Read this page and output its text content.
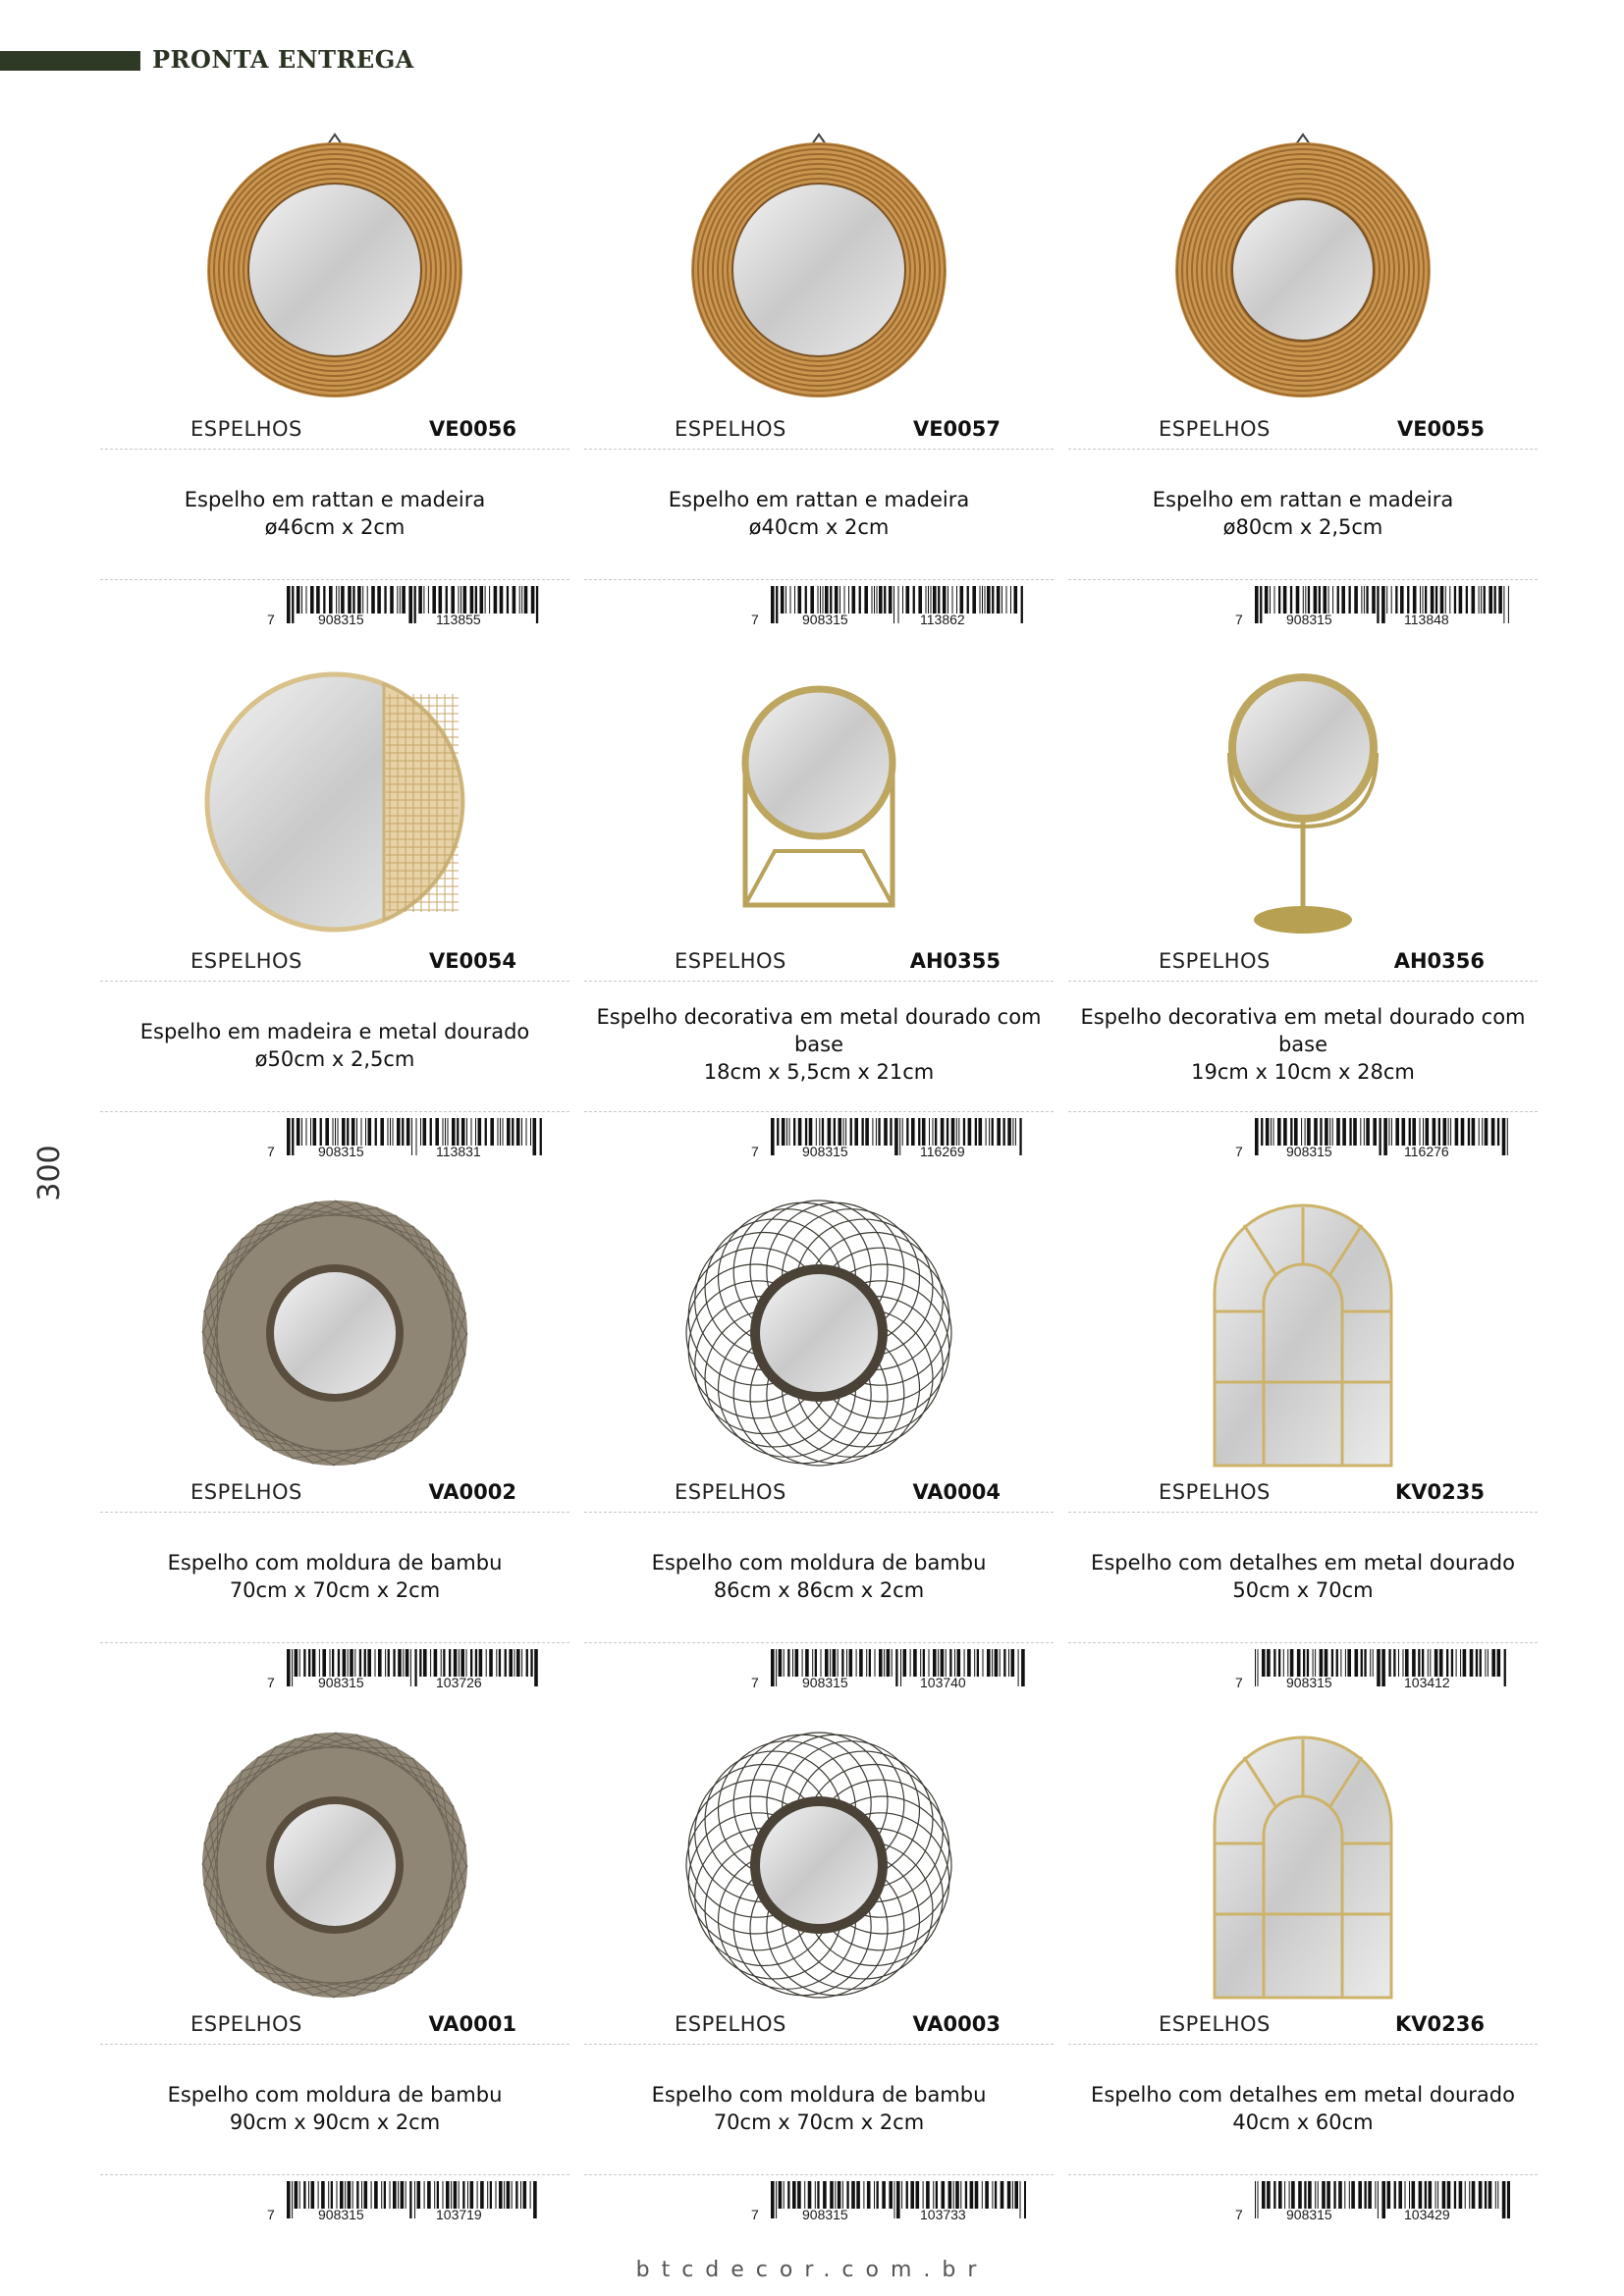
PRONTA ENTREGA
300
ESPELHOS	VE0056
Espelho em rattan e madeira
ø46cm x 2cm
7	908315	113855
ESPELHOS	VE0057
Espelho em rattan e madeira
ø40cm x 2cm
7	908315	113862
ESPELHOS	VE0055
Espelho em rattan e madeira
ø80cm x 2,5cm
7	908315	113848
ESPELHOS	VE0054
Espelho em madeira e metal dourado
ø50cm x 2,5cm
7	908315	113831
ESPELHOS	AH0355
Espelho decorativa em metal dourado com
base
18cm x 5,5cm x 21cm
7	908315	116269
ESPELHOS	AH0356
Espelho decorativa em metal dourado com
base
19cm x 10cm x 28cm
7	908315	116276
ESPELHOS	VA0002
Espelho com moldura de bambu
70cm x 70cm x 2cm
7	908315	103726
ESPELHOS	VA0004
Espelho com moldura de bambu
86cm x 86cm x 2cm
7	908315	103740
ESPELHOS	KV0235
Espelho com detalhes em metal dourado
50cm x 70cm
7	908315	103412
ESPELHOS	VA0001
Espelho com moldura de bambu
90cm x 90cm x 2cm
7	908315	103719
ESPELHOS	VA0003
Espelho com moldura de bambu
70cm x 70cm x 2cm
7	908315	103733
ESPELHOS	KV0236
Espelho com detalhes em metal dourado
40cm x 60cm
7	908315	103429
btcdecor.com.br
